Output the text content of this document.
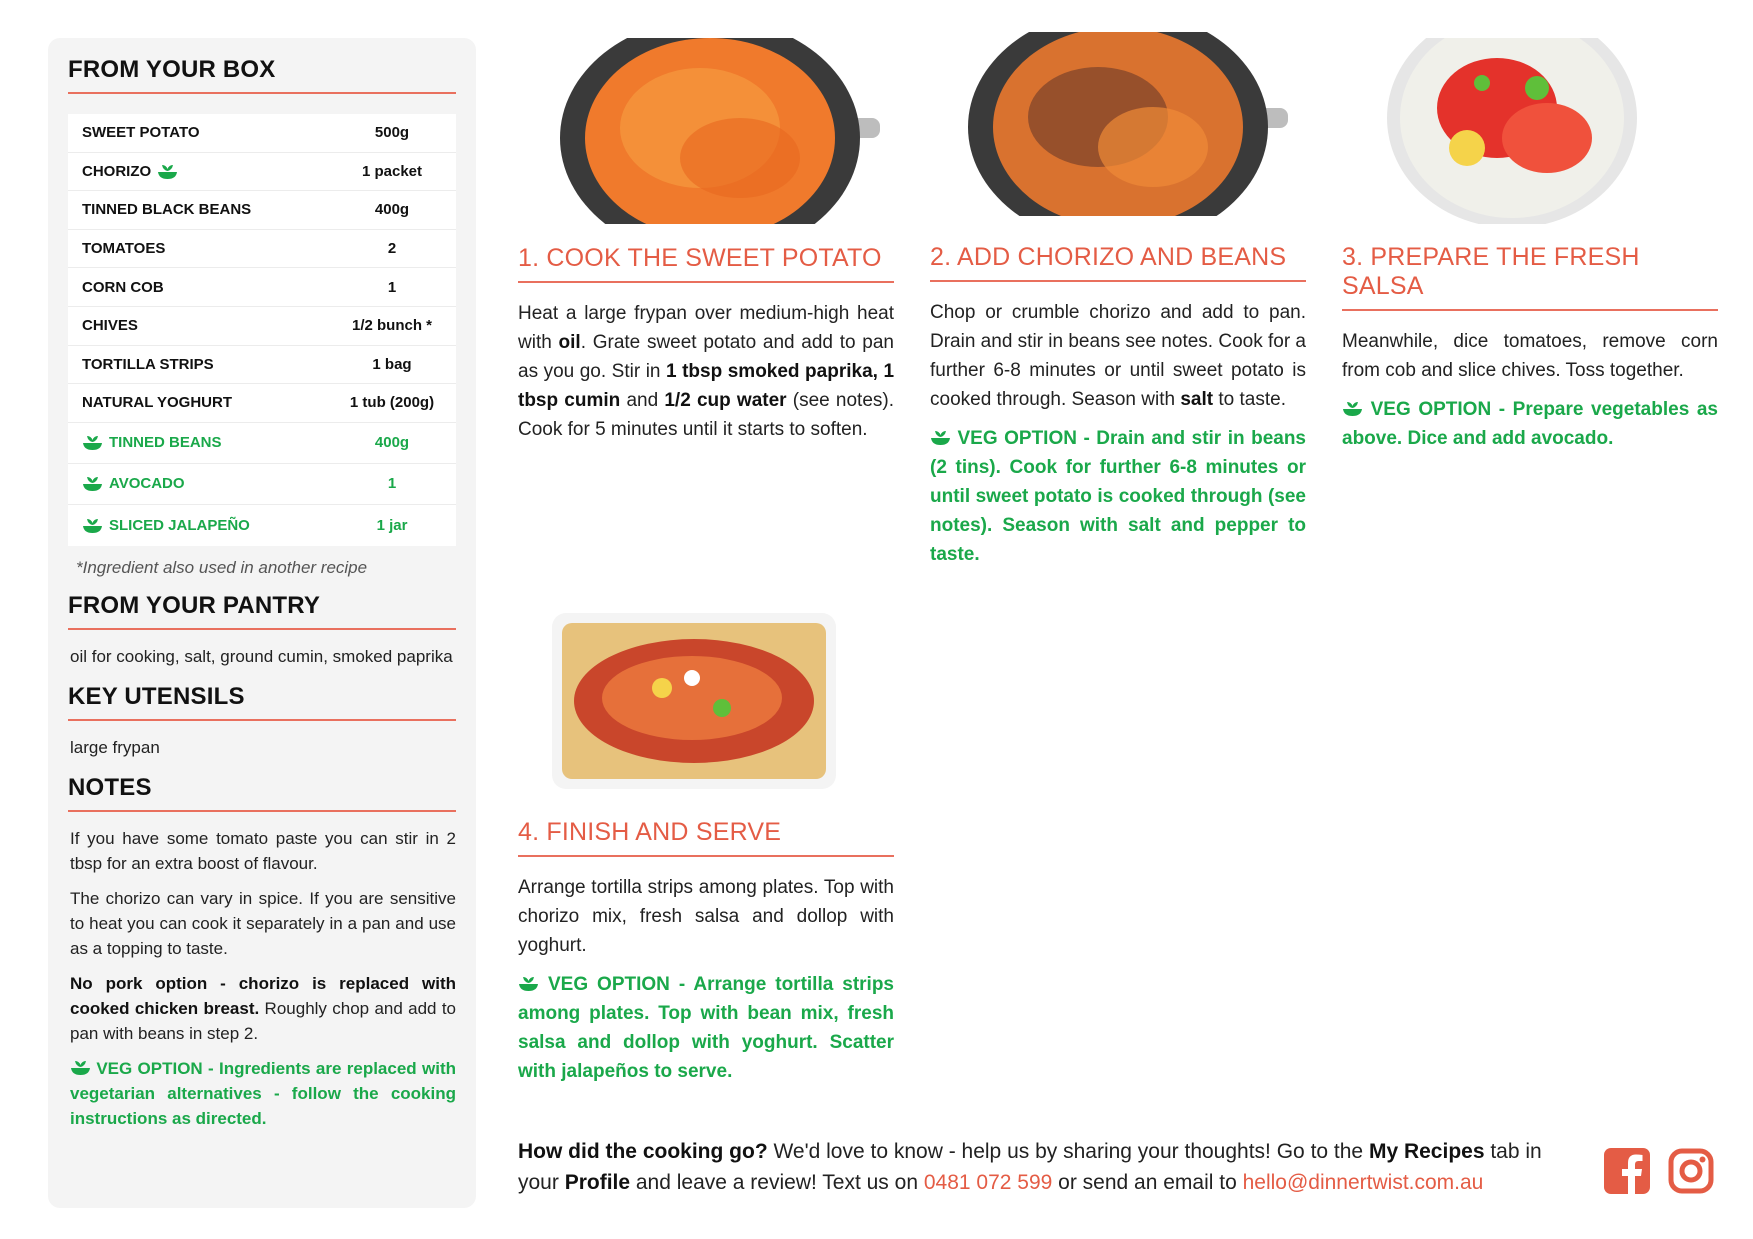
FROM YOUR BOX
SWEET POTATO	500g
CHORIZO	1 packet
TINNED BLACK BEANS	400g
TOMATOES	2
CORN COB	1
CHIVES	1/2 bunch *
TORTILLA STRIPS	1 bag
NATURAL YOGHURT	1 tub (200g)
TINNED BEANS	400g
AVOCADO	1
SLICED JALAPEÑO	1 jar
*Ingredient also used in another recipe
FROM YOUR PANTRY
oil for cooking, salt, ground cumin, smoked paprika
KEY UTENSILS
large frypan
NOTES

If you have some tomato paste you can stir in 2 tbsp for an extra boost of flavour.

The chorizo can vary in spice. If you are sensitive to heat you can cook it separately in a pan and use as a topping to taste.

No pork option - chorizo is replaced with cooked chicken breast. Roughly chop and add to pan with beans in step 2.

VEG OPTION - Ingredients are replaced with vegetarian alternatives - follow the cooking instructions as directed.

1. COOK THE SWEET POTATO

Heat a large frypan over medium-high heat with oil. Grate sweet potato and add to pan as you go. Stir in 1 tbsp smoked paprika, 1 tbsp cumin and 1/2 cup water (see notes). Cook for 5 minutes until it starts to soften.

2. ADD CHORIZO AND BEANS

Chop or crumble chorizo and add to pan. Drain and stir in beans see notes. Cook for a further 6-8 minutes or until sweet potato is cooked through. Season with salt to taste.

VEG OPTION - Drain and stir in beans (2 tins). Cook for further 6-8 minutes or until sweet potato is cooked through (see notes). Season with salt and pepper to taste.

3. PREPARE THE FRESH SALSA

Meanwhile, dice tomatoes, remove corn from cob and slice chives. Toss together.

VEG OPTION - Prepare vegetables as above. Dice and add avocado.

4. FINISH AND SERVE

Arrange tortilla strips among plates. Top with chorizo mix, fresh salsa and dollop with yoghurt.

VEG OPTION - Arrange tortilla strips among plates. Top with bean mix, fresh salsa and dollop with yoghurt. Scatter with jalapeños to serve.

How did the cooking go? We'd love to know - help us by sharing your thoughts! Go to the My Recipes tab in your Profile and leave a review! Text us on 0481 072 599 or send an email to hello@dinnertwist.com.au
